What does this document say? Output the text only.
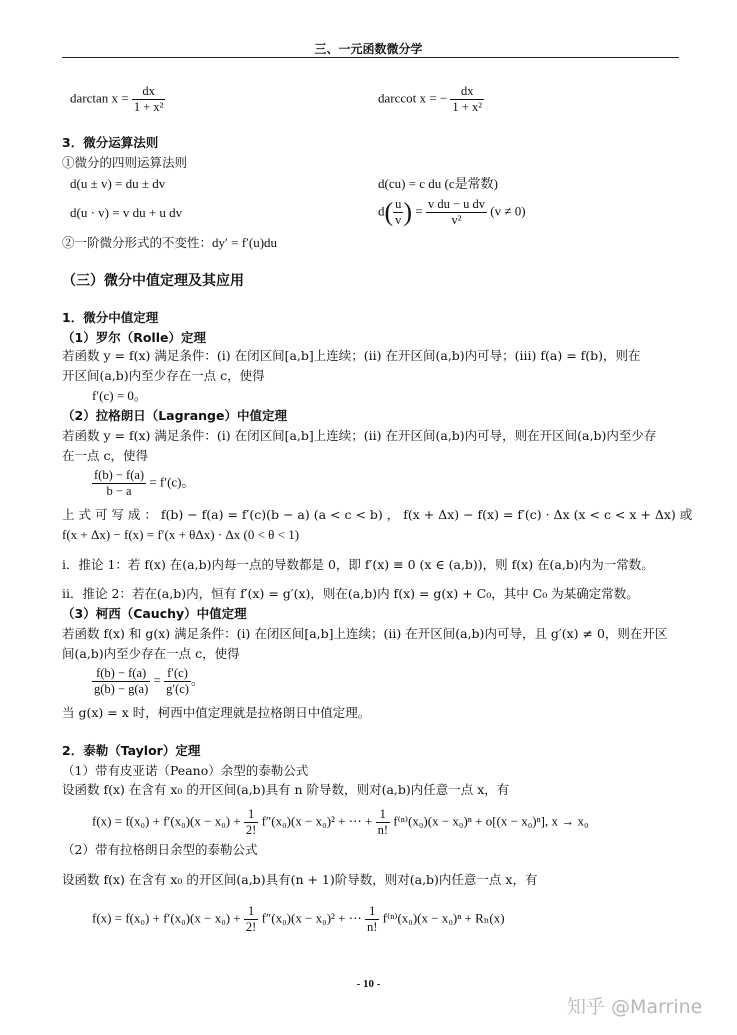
三、一元函数微分学
darctan $x = \frac{dx}{\text{1 + x²}}$	darccot x = − $\frac{dx}{\text{1 + x²}}$
3．微分运算法则
①微分的四则运算法则
d(u ± v) = du ± dv	d(cu) = c du (c是常数)
d(u · v) = v du + u dv	$d( \frac{u}{v}$ ) = $\frac{\text{v du − u dv}}{\text{v²}} (v \ne 0)$
②一阶微分形式的不变性：dy′ = f′(u)du
（三）微分中值定理及其应用
1．微分中值定理
（1）罗尔（Rolle）定理
若函数 y = f(x) 满足条件：(i) 在闭区间[a,b]上连续；(ii) 在开区间(a,b)内可导；(iii) f(a) = f(b)，则在
开区间(a,b)内至少存在一点 c，使得
f′(c) = 0。
（2）拉格朗日（Lagrange）中值定理
若函数 y = f(x) 满足条件：(i) 在闭区间[a,b]上连续；(ii) 在开区间(a,b)内可导，则在开区间(a,b)内至少存
在一点 c，使得
$\frac{f(b) - f(a)}{b - a} = f'(c)$。
上 式 可 写 成 ： f(b) − f(a) = f′(c)(b − a) (a < c < b) ， f(x + Δx) − f(x) = f′(c) · Δx (x < c < x + Δx) 或
f(x + Δx) − f(x) = f′(x + θΔx) · Δx (0 < θ < 1)
i．推论 1：若 f(x) 在(a,b)内每一点的导数都是 0，即 f′(x) ≡ 0 (x ∈ (a,b))，则 f(x) 在(a,b)内为一常数。
ii．推论 2：若在(a,b)内，恒有 f′(x) = g′(x)，则在(a,b)内 f(x) = g(x) + C₀，其中 C₀ 为某确定常数。
（3）柯西（Cauchy）中值定理
若函数 f(x) 和 g(x) 满足条件：(i) 在闭区间[a,b]上连续；(ii) 在开区间(a,b)内可导，且 g′(x) ≠ 0，则在开区
间(a,b)内至少存在一点 c，使得
$\frac{f(b) - f(a)}{g(b) - g(a)} = \frac{f'(c)}{g'(c)}$ 。
当 g(x) = x 时，柯西中值定理就是拉格朗日中值定理。
2．泰勒（Taylor）定理
（1）带有皮亚诺（Peano）余型的泰勒公式
设函数 f(x) 在含有 x₀ 的开区间(a,b)具有 n 阶导数，则对(a,b)内任意一点 x，有
$f(x) = f(x_0) + f'(x_0)(x - x_0) + \frac{1}{2!} f''(x_0)(x - x_0)^2$ + ⋯ + $\frac{1}{n!} f^{(n)}(x_0)(x - x_0)^n + o[(x - x_0)^n]$, x → x₀
（2）带有拉格朗日余型的泰勒公式
设函数 f(x) 在含有 x₀ 的开区间(a,b)具有(n + 1)阶导数，则对(a,b)内任意一点 x，有
$f(x) = f(x_0) + f'(x_0)(x - x_0) + \frac{1}{2!} f''(x_0)(x - x_0)^2$ + ⋯ $\frac{1}{n!} f^{(n)}(x_0)(x - x_0)^n + R_n(x)$
- 10 -
知乎 @Marrine
